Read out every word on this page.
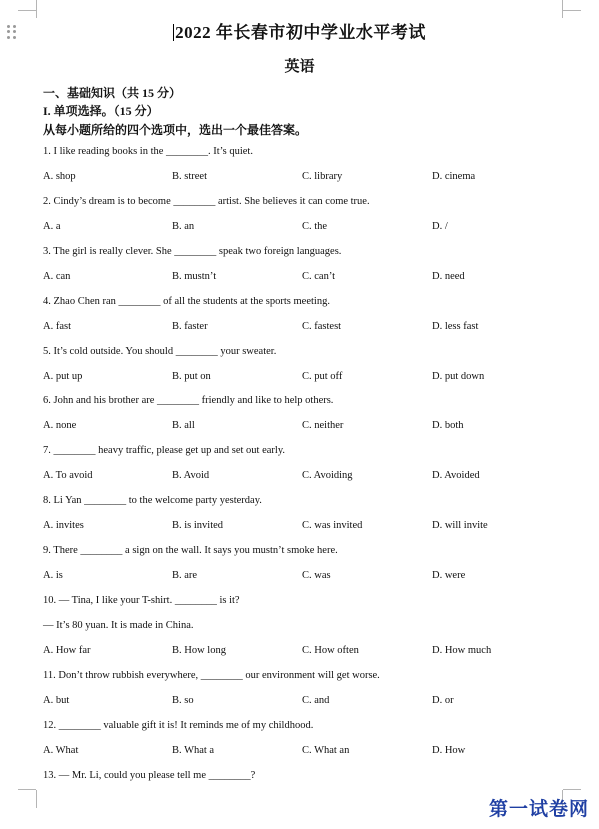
2022 年长春市初中学业水平考试
英语
一、基础知识（共 15 分）
I. 单项选择。（15 分）
从每小题所给的四个选项中，选出一个最佳答案。
1. I like reading books in the ________. It’s quiet.
A. shop	B. street	C. library	D. cinema
2. Cindy’s dream is to become ________ artist. She believes it can come true.
A. a	B. an	C. the	D. /
3. The girl is really clever. She ________ speak two foreign languages.
A. can	B. mustn’t	C. can’t	D. need
4. Zhao Chen ran ________ of all the students at the sports meeting.
A. fast	B. faster	C. fastest	D. less fast
5. It’s cold outside. You should ________ your sweater.
A. put up	B. put on	C. put off	D. put down
6. John and his brother are ________ friendly and like to help others.
A. none	B. all	C. neither	D. both
7. ________ heavy traffic, please get up and set out early.
A. To avoid	B. Avoid	C. Avoiding	D. Avoided
8. Li Yan ________ to the welcome party yesterday.
A. invites	B. is invited	C. was invited	D. will invite
9. There ________ a sign on the wall. It says you mustn’t smoke here.
A. is	B. are	C. was	D. were
10. — Tina, I like your T-shirt. ________ is it?
— It’s 80 yuan. It is made in China.
A. How far	B. How long	C. How often	D. How much
11. Don’t throw rubbish everywhere, ________ our environment will get worse.
A. but	B. so	C. and	D. or
12. ________ valuable gift it is! It reminds me of my childhood.
A. What	B. What a	C. What an	D. How
13. — Mr. Li, could you please tell me ________?
第一试卷网
